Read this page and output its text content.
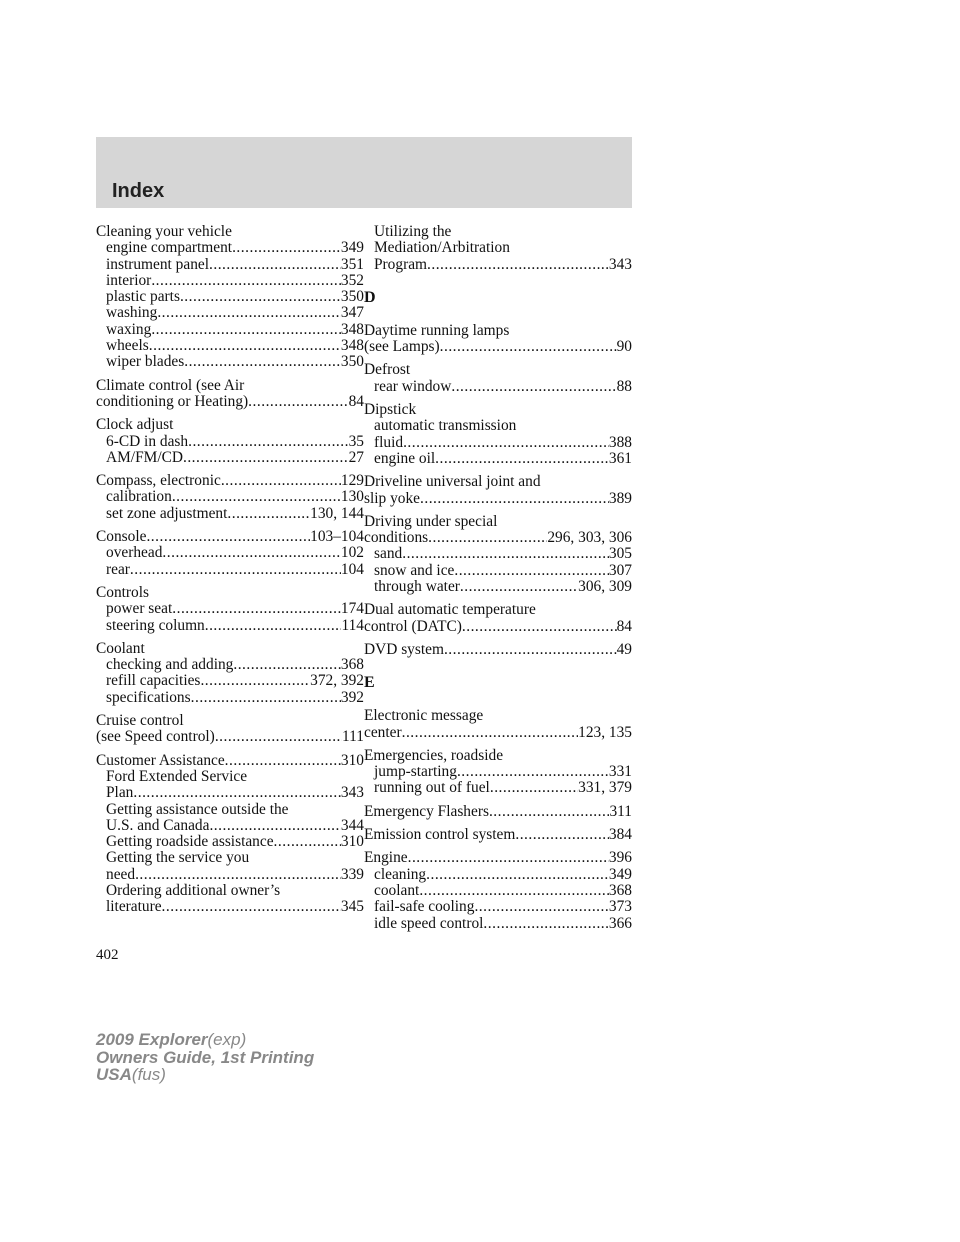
Index
Cleaning your vehicle
engine compartment .....	349
instrument panel .....	351
interior .....	352
plastic parts .....	350
washing .....	347
waxing .....	348
wheels .....	348
wiper blades .....	350
Climate control (see Air
conditioning or Heating) .....	84
Clock adjust
6-CD in dash .....	35
AM/FM/CD .....	27
Compass, electronic .....	129
calibration .....	130
set zone adjustment .....	130, 144
Console .....	103–104
overhead .....	102
rear .....	104
Controls
power seat .....	174
steering column .....	114
Coolant
checking and adding .....	368
refill capacities .....	372, 392
specifications .....	392
Cruise control
(see Speed control) .....	111
Customer Assistance .....	310
Ford Extended Service
Plan .....	343
Getting assistance outside the
U.S. and Canada .....	344
Getting roadside assistance .....	310
Getting the service you
need .....	339
Ordering additional owner’s
literature .....	345
Utilizing the
Mediation/Arbitration
Program .....	343
D
Daytime running lamps
(see Lamps) .....	90
Defrost
rear window .....	88
Dipstick
automatic transmission
fluid .....	388
engine oil .....	361
Driveline universal joint and
slip yoke .....	389
Driving under special
conditions .....	296, 303, 306
sand .....	305
snow and ice .....	307
through water .....	306, 309
Dual automatic temperature
control (DATC) .....	84
DVD system .....	49
E
Electronic message
center .....	123, 135
Emergencies, roadside
jump-starting .....	331
running out of fuel .....	331, 379
Emergency Flashers .....	311
Emission control system .....	384
Engine .....	396
cleaning .....	349
coolant .....	368
fail-safe cooling .....	373
idle speed control .....	366
402
2009 Explorer(exp)
Owners Guide, 1st Printing
USA(fus)
